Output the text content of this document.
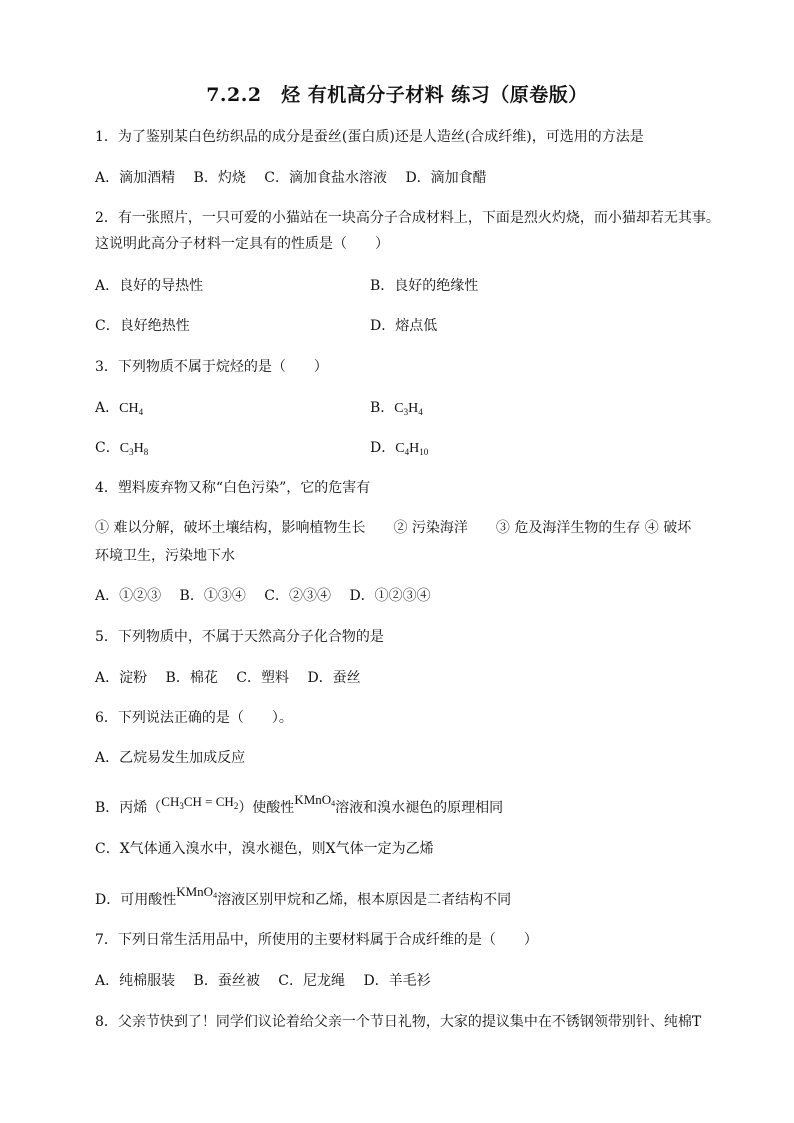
7.2.2　烃 有机高分子材料 练习（原卷版）
1．为了鉴别某白色纺织品的成分是蚕丝(蛋白质)还是人造丝(合成纤维)，可选用的方法是
A．滴加酒精　 B．灼烧　 C．滴加食盐水溶液　 D．滴加食醋
2．有一张照片，一只可爱的小猫站在一块高分子合成材料上，下面是烈火灼烧，而小猫却若无其事。
这说明此高分子材料一定具有的性质是（　　）
A．良好的导热性	B．良好的绝缘性
C．良好绝热性	D．熔点低
3．下列物质不属于烷烃的是（　　）
A．$CH_4$	B．$C_3H_4$
C．$C_3H_8$	D．$C_4H_{10}$
4．塑料废弃物又称“白色污染”，它的危害有
① 难以分解，破坏土壤结构，影响植物生长　　② 污染海洋　　③ 危及海洋生物的生存 ④ 破坏
环境卫生，污染地下水
A．①②③　 B．①③④　 C．②③④　 D．①②③④
5．下列物质中，不属于天然高分子化合物的是
A．淀粉　 B．棉花　 C．塑料　 D．蚕丝
6．下列说法正确的是（　　）。
A．乙烷易发生加成反应
B．丙烯$(CH_3CH = CH_2)$使酸性KMnO$_4$溶液和溴水褪色的原理相同
C．X气体通入溴水中，溴水褪色，则X气体一定为乙烯
D．可用酸性KMnO$_4$溶液区别甲烷和乙烯，根本原因是二者结构不同
7．下列日常生活用品中，所使用的主要材料属于合成纤维的是（　　）
A．纯棉服装　 B．蚕丝被　 C．尼龙绳　 D．羊毛衫
8．父亲节快到了！同学们议论着给父亲一个节日礼物，大家的提议集中在不锈钢领带别针、纯棉T
